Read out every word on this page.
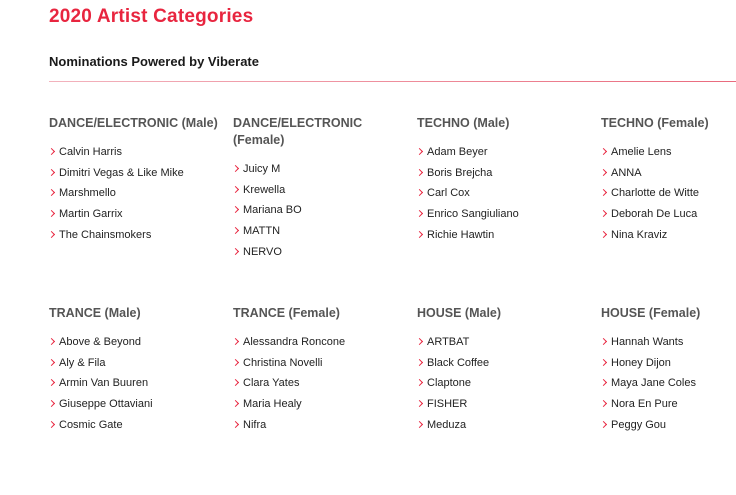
2020 Artist Categories
Nominations Powered by Viberate
DANCE/ELECTRONIC (Male)
Calvin Harris
Dimitri Vegas & Like Mike
Marshmello
Martin Garrix
The Chainsmokers
DANCE/ELECTRONIC (Female)
Juicy M
Krewella
Mariana BO
MATTN
NERVO
TECHNO (Male)
Adam Beyer
Boris Brejcha
Carl Cox
Enrico Sangiuliano
Richie Hawtin
TECHNO (Female)
Amelie Lens
ANNA
Charlotte de Witte
Deborah De Luca
Nina Kraviz
TRANCE (Male)
Above & Beyond
Aly & Fila
Armin Van Buuren
Giuseppe Ottaviani
Cosmic Gate
TRANCE (Female)
Alessandra Roncone
Christina Novelli
Clara Yates
Maria Healy
Nifra
HOUSE (Male)
ARTBAT
Black Coffee
Claptone
FISHER
Meduza
HOUSE (Female)
Hannah Wants
Honey Dijon
Maya Jane Coles
Nora En Pure
Peggy Gou
